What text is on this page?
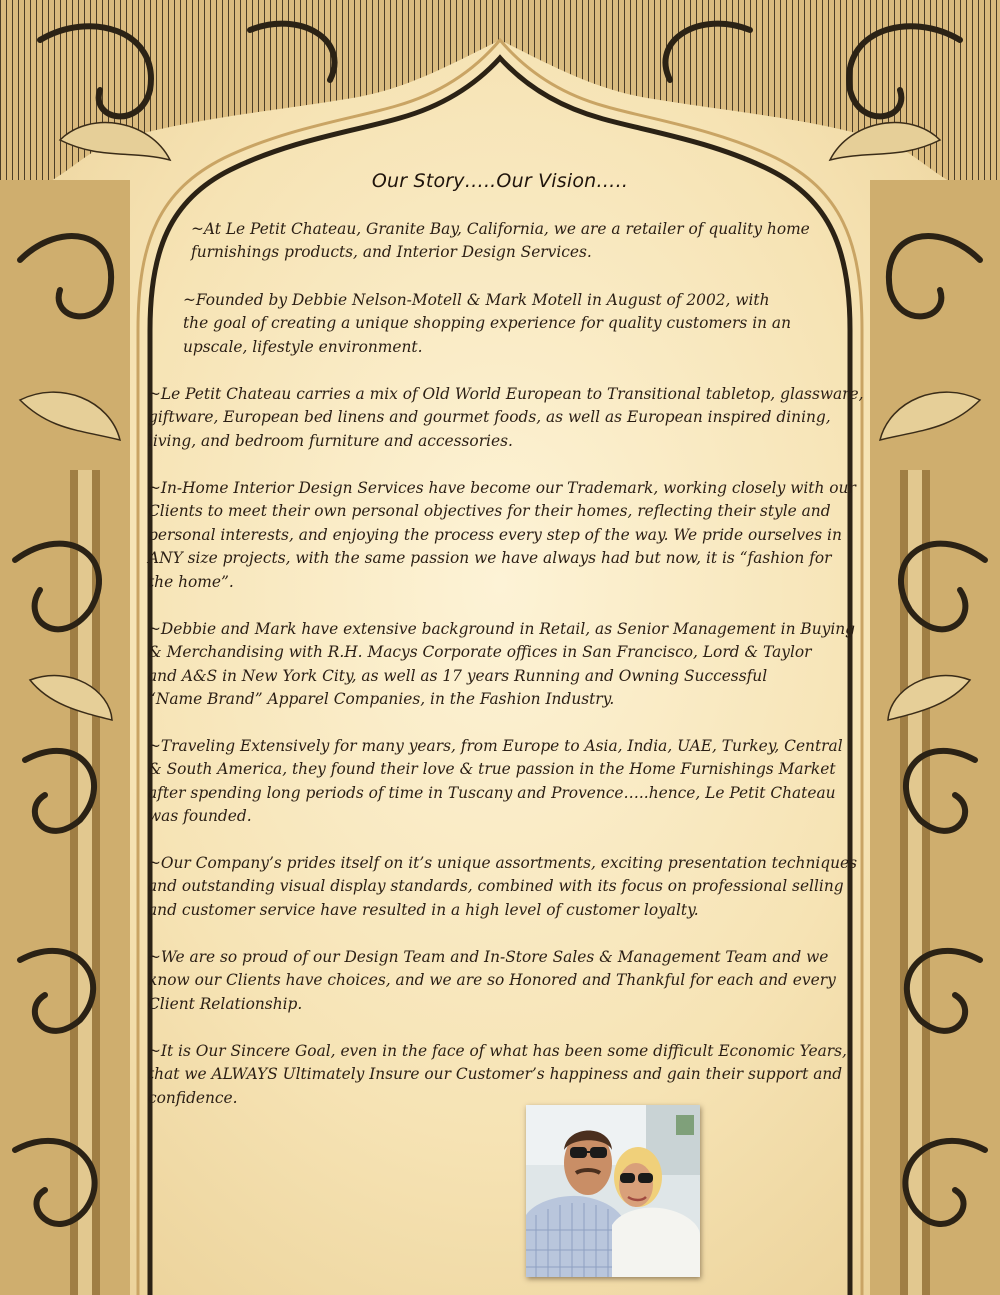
Our Story…..Our Vision…..

~At Le Petit Chateau, Granite Bay, California, we are a retailer of quality home
furnishings products, and Interior Design Services.

~Founded by Debbie Nelson-Motell & Mark Motell in August of 2002, with
the goal of creating a unique shopping experience for quality customers in an
upscale, lifestyle environment.

~Le Petit Chateau carries a mix of Old World European to Transitional tabletop, glassware,
giftware, European bed linens and gourmet foods, as well as European inspired dining,
living, and bedroom furniture and accessories.

~In-Home Interior Design Services have become our Trademark, working closely with our
Clients to meet their own personal objectives for their homes, reflecting their style and
personal interests, and enjoying the process every step of the way. We pride ourselves in
ANY size projects, with the same passion we have always had but now, it is “fashion for
the home”.

~Debbie and Mark have extensive background in Retail, as Senior Management in Buying
& Merchandising with R.H. Macys Corporate offices in San Francisco, Lord & Taylor
and A&S in New York City, as well as 17 years Running and Owning Successful
“Name Brand” Apparel Companies, in the Fashion Industry.

~Traveling Extensively for many years, from Europe to Asia, India, UAE, Turkey, Central
& South America, they found their love & true passion in the Home Furnishings Market
after spending long periods of time in Tuscany and Provence…..hence, Le Petit Chateau
was founded.

~Our Company’s prides itself on it’s unique assortments, exciting presentation techniques
and outstanding visual display standards, combined with its focus on professional selling
and customer service have resulted in a high level of customer loyalty.

~We are so proud of our Design Team and In-Store Sales & Management Team and we
know our Clients have choices, and we are so Honored and Thankful for each and every
Client Relationship.

~It is Our Sincere Goal, even in the face of what has been some difficult Economic Years,
that we ALWAYS Ultimately Insure our Customer’s happiness and gain their support and
confidence.
